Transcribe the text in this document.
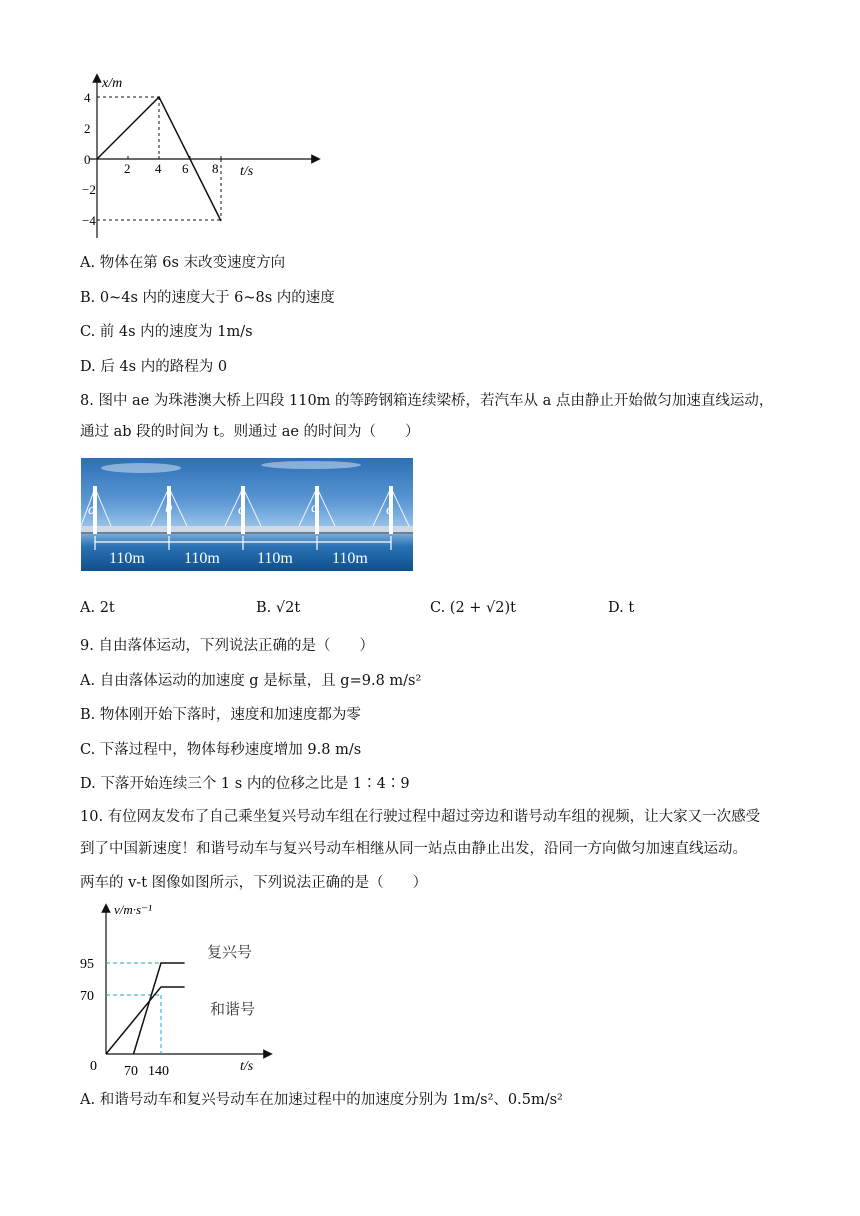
x/m
t/s
4
2
0
−2
−4
2 4 6 8
A. 物体在第 6s 末改变速度方向
B. 0~4s 内的速度大于 6~8s 内的速度
C. 前 4s 内的速度为 1m/s
D. 后 4s 内的路程为 0
8. 图中 ae 为珠港澳大桥上四段 110m 的等跨钢箱连续梁桥，若汽车从 a 点由静止开始做匀加速直线运动，
通过 ab 段的时间为 t。则通过 ae 的时间为（　　）
a	b	c	d	e
110m 110m 110m 110m
A. 2t	B. √2t	C. (2 + √2)t	D. t
9. 自由落体运动，下列说法正确的是（　　）
A. 自由落体运动的加速度 g 是标量，且 g=9.8 m/s²
B. 物体刚开始下落时，速度和加速度都为零
C. 下落过程中，物体每秒速度增加 9.8 m/s
D. 下落开始连续三个 1 s 内的位移之比是 1∶4∶9
10. 有位网友发布了自己乘坐复兴号动车组在行驶过程中超过旁边和谐号动车组的视频，让大家又一次感受
到了中国新速度！和谐号动车与复兴号动车相继从同一站点由静止出发，沿同一方向做匀加速直线运动。
两车的 v-t 图像如图所示，下列说法正确的是（　　）
v/m·s⁻¹
t/s
95
70
0 70 140
复兴号
和谐号
A. 和谐号动车和复兴号动车在加速过程中的加速度分别为 1m/s²、0.5m/s²
